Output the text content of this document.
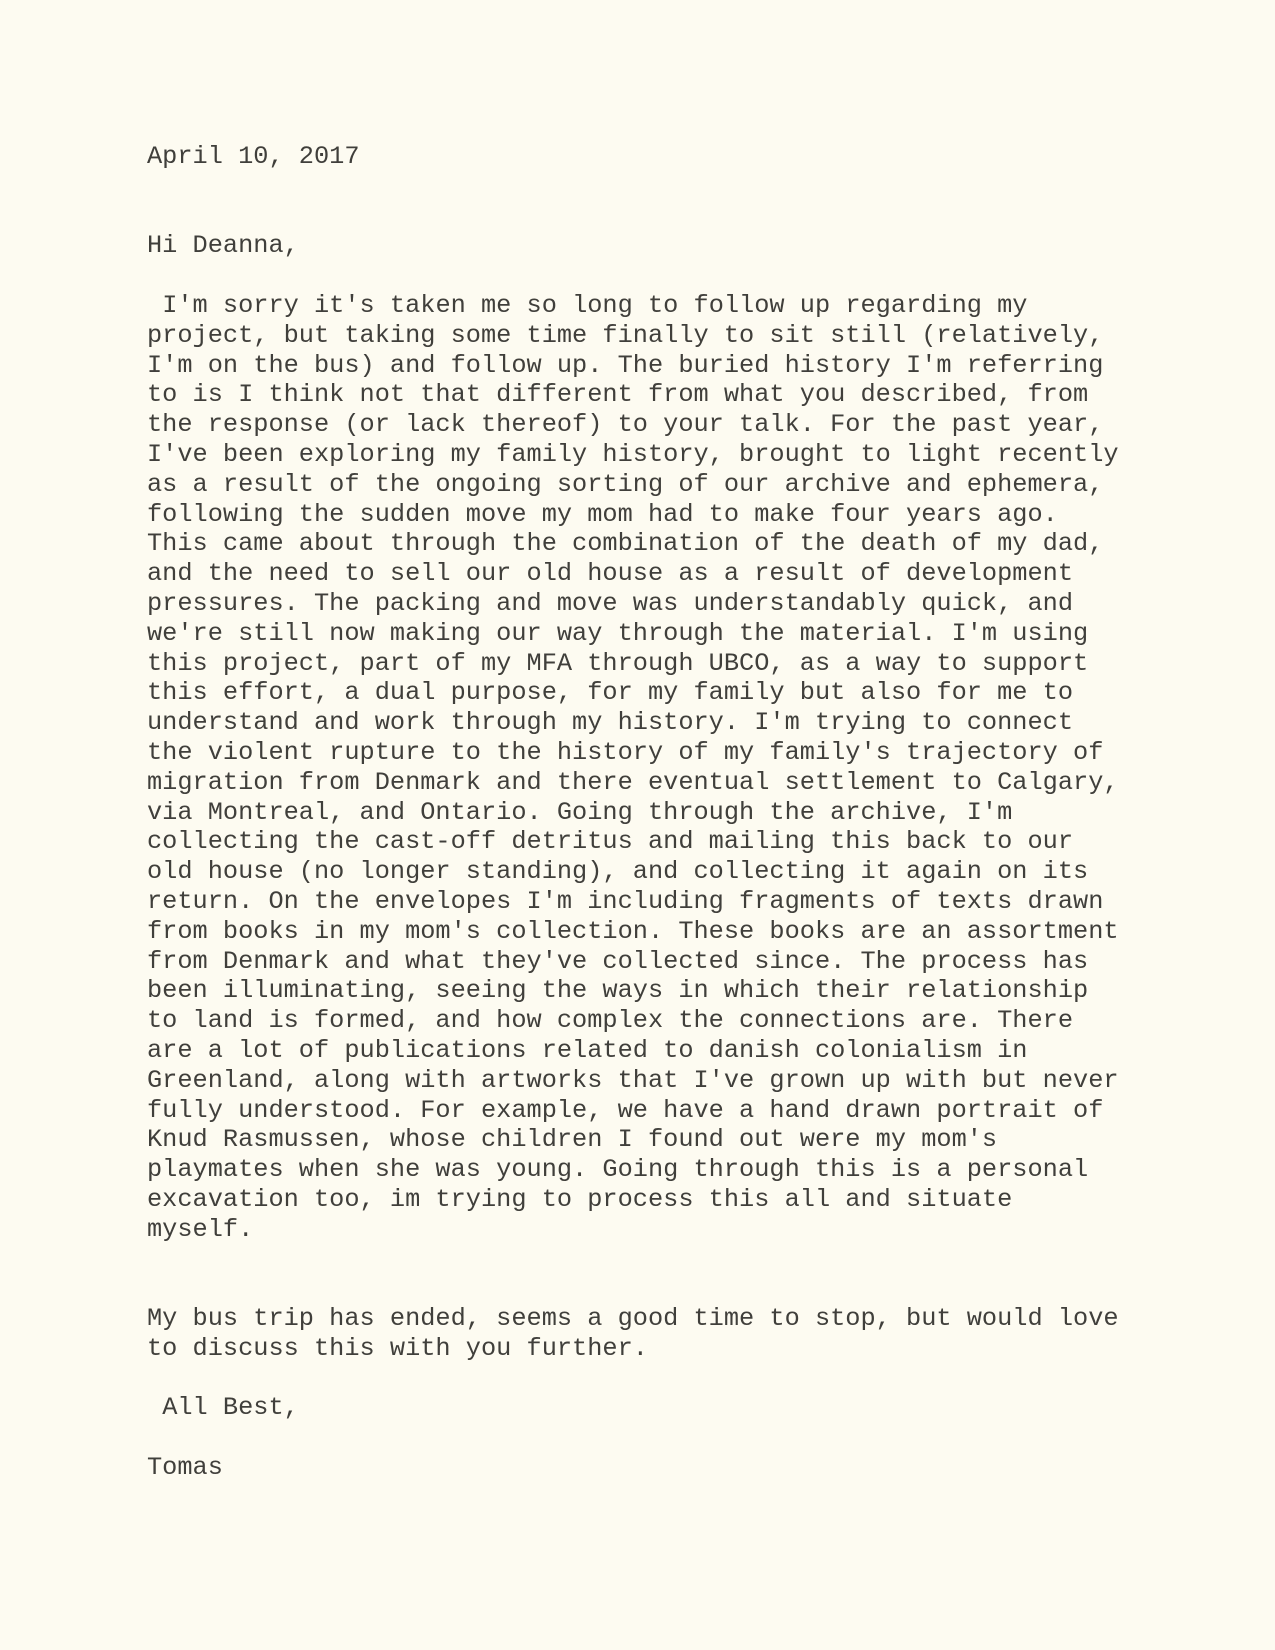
April 10, 2017
Hi Deanna,
I'm sorry it's taken me so long to follow up regarding my
project, but taking some time finally to sit still (relatively,
I'm on the bus) and follow up. The buried history I'm referring
to is I think not that different from what you described, from
the response (or lack thereof) to your talk. For the past year,
I've been exploring my family history, brought to light recently
as a result of the ongoing sorting of our archive and ephemera,
following the sudden move my mom had to make four years ago.
This came about through the combination of the death of my dad,
and the need to sell our old house as a result of development
pressures. The packing and move was understandably quick, and
we're still now making our way through the material. I'm using
this project, part of my MFA through UBCO, as a way to support
this effort, a dual purpose, for my family but also for me to
understand and work through my history. I'm trying to connect
the violent rupture to the history of my family's trajectory of
migration from Denmark and there eventual settlement to Calgary,
via Montreal, and Ontario. Going through the archive, I'm
collecting the cast-off detritus and mailing this back to our
old house (no longer standing), and collecting it again on its
return. On the envelopes I'm including fragments of texts drawn
from books in my mom's collection. These books are an assortment
from Denmark and what they've collected since. The process has
been illuminating, seeing the ways in which their relationship
to land is formed, and how complex the connections are. There
are a lot of publications related to danish colonialism in
Greenland, along with artworks that I've grown up with but never
fully understood. For example, we have a hand drawn portrait of
Knud Rasmussen, whose children I found out were my mom's
playmates when she was young. Going through this is a personal
excavation too, im trying to process this all and situate
myself.
My bus trip has ended, seems a good time to stop, but would love
to discuss this with you further.
All Best,
Tomas
